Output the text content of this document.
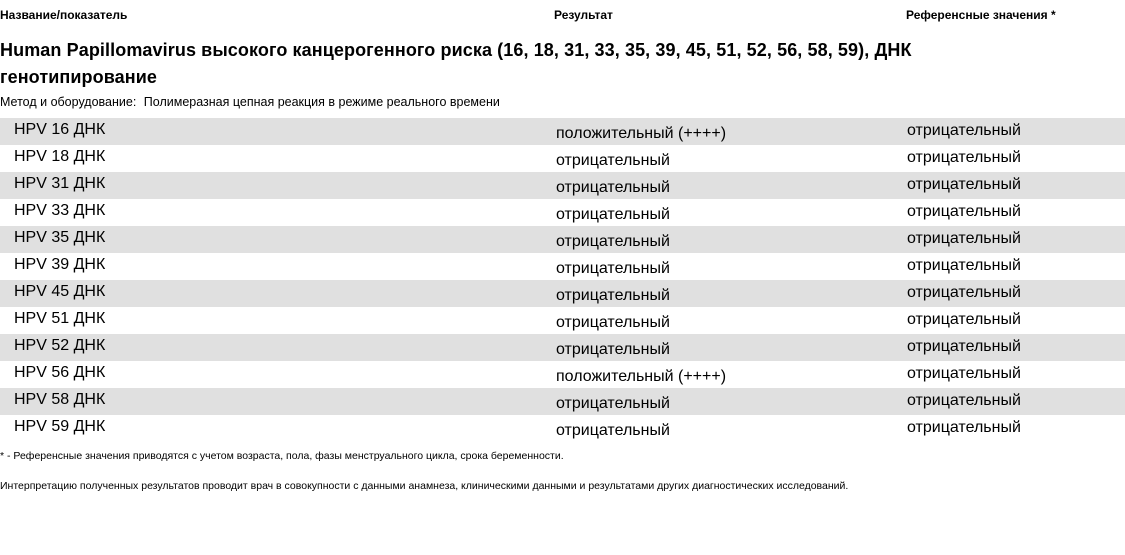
Название/показатель	Результат	Референсные значения *
Human Papillomavirus высокого канцерогенного риска (16, 18, 31, 33, 35, 39, 45, 51, 52, 56, 58, 59), ДНК генотипирование
Метод и оборудование: Полимеразная цепная реакция в режиме реального времени
HPV 16 ДНК	положительный (++++)	отрицательный
HPV 18 ДНК	отрицательный	отрицательный
HPV 31 ДНК	отрицательный	отрицательный
HPV 33 ДНК	отрицательный	отрицательный
HPV 35 ДНК	отрицательный	отрицательный
HPV 39 ДНК	отрицательный	отрицательный
HPV 45 ДНК	отрицательный	отрицательный
HPV 51 ДНК	отрицательный	отрицательный
HPV 52 ДНК	отрицательный	отрицательный
HPV 56 ДНК	положительный (++++)	отрицательный
HPV 58 ДНК	отрицательный	отрицательный
HPV 59 ДНК	отрицательный	отрицательный
* - Референсные значения приводятся с учетом возраста, пола, фазы менструального цикла, срока беременности.
Интерпретацию полученных результатов проводит врач в совокупности с данными анамнеза, клиническими данными и результатами других диагностических исследований.
